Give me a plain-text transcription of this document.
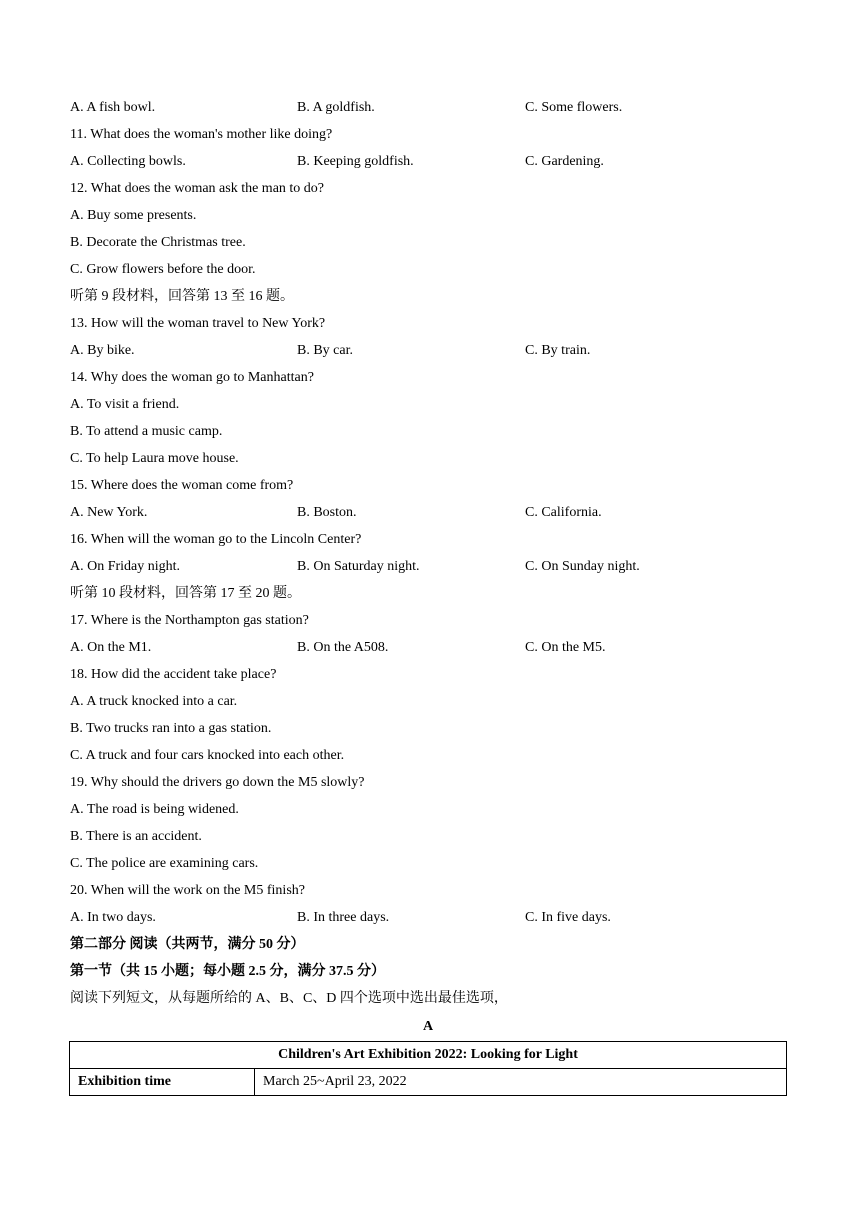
A. A fish bowl.	B. A goldfish.	C. Some flowers.
11. What does the woman's mother like doing?
A. Collecting bowls.	B. Keeping goldfish.	C. Gardening.
12. What does the woman ask the man to do?
A. Buy some presents.
B. Decorate the Christmas tree.
C. Grow flowers before the door.
听第 9 段材料，回答第 13 至 16 题。
13. How will the woman travel to New York?
A. By bike.	B. By car.	C. By train.
14. Why does the woman go to Manhattan?
A. To visit a friend.
B. To attend a music camp.
C. To help Laura move house.
15. Where does the woman come from?
A. New York.	B. Boston.	C. California.
16. When will the woman go to the Lincoln Center?
A. On Friday night.	B. On Saturday night.	C. On Sunday night.
听第 10 段材料，回答第 17 至 20 题。
17. Where is the Northampton gas station?
A. On the M1.	B. On the A508.	C. On the M5.
18. How did the accident take place?
A. A truck knocked into a car.
B. Two trucks ran into a gas station.
C. A truck and four cars knocked into each other.
19. Why should the drivers go down the M5 slowly?
A. The road is being widened.
B. There is an accident.
C. The police are examining cars.
20. When will the work on the M5 finish?
A. In two days.	B. In three days.	C. In five days.
第二部分 阅读（共两节，满分 50 分）
第一节（共 15 小题；每小题 2.5 分，满分 37.5 分）
阅读下列短文，从每题所给的 A、B、C、D 四个选项中选出最佳选项，
A
Children's Art Exhibition 2022: Looking for Light
Exhibition time	March 25~April 23, 2022
